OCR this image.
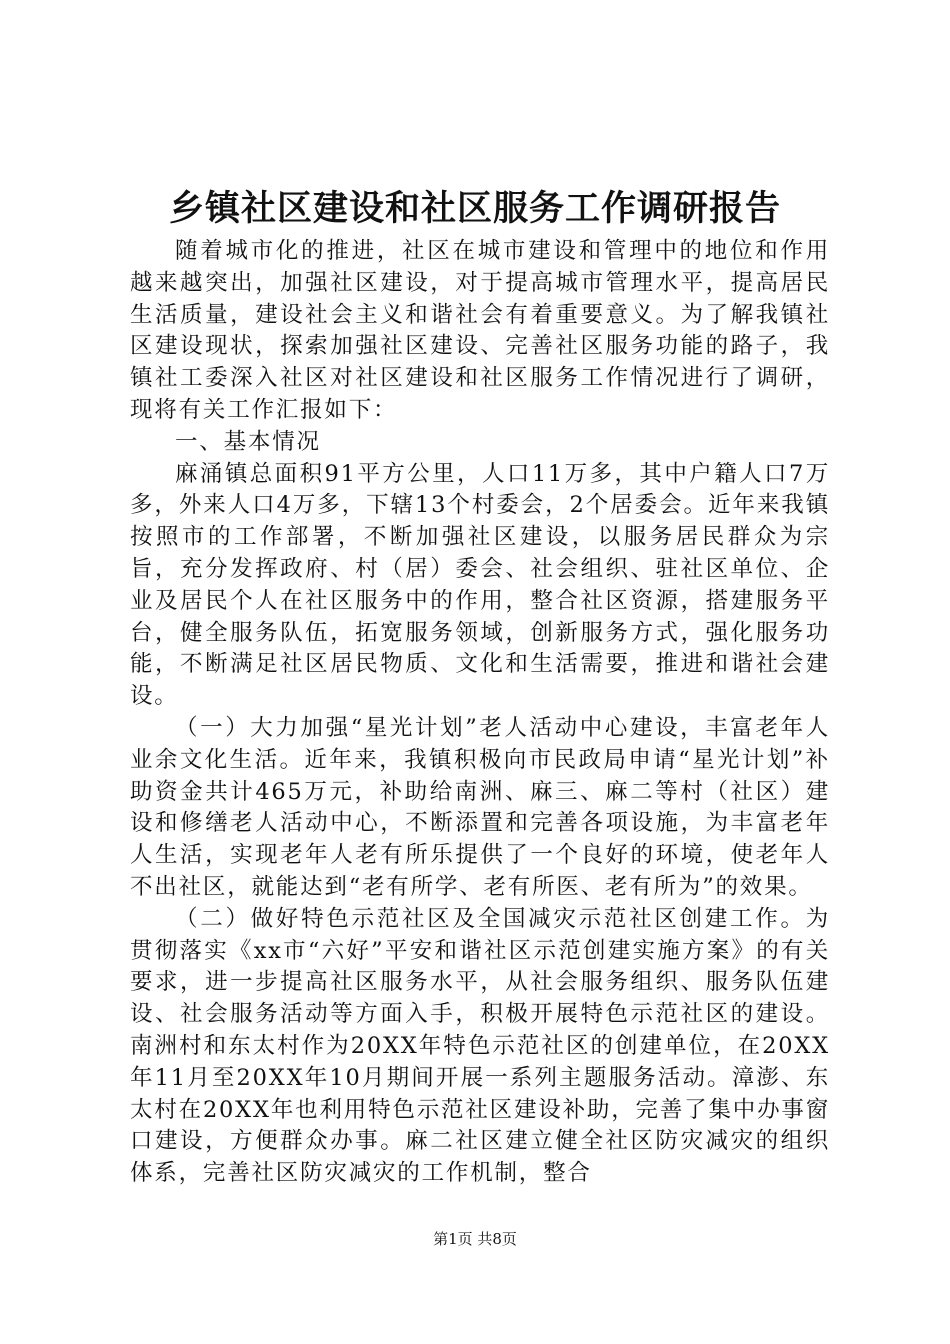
乡镇社区建设和社区服务工作调研报告

随着城市化的推进，社区在城市建设和管理中的地位和作用越来越突出，加强社区建设，对于提高城市管理水平，提高居民生活质量，建设社会主义和谐社会有着重要意义。为了解我镇社区建设现状，探索加强社区建设、完善社区服务功能的路子，我镇社工委深入社区对社区建设和社区服务工作情况进行了调研，现将有关工作汇报如下：

一、基本情况

麻涌镇总面积91平方公里，人口11万多，其中户籍人口7万多，外来人口4万多，下辖13个村委会，2个居委会。近年来我镇按照市的工作部署，不断加强社区建设，以服务居民群众为宗旨，充分发挥政府、村（居）委会、社会组织、驻社区单位、企业及居民个人在社区服务中的作用，整合社区资源，搭建服务平台，健全服务队伍，拓宽服务领域，创新服务方式，强化服务功能，不断满足社区居民物质、文化和生活需要，推进和谐社会建设。

（一）大力加强“星光计划”老人活动中心建设，丰富老年人业余文化生活。近年来，我镇积极向市民政局申请“星光计划”补助资金共计465万元，补助给南洲、麻三、麻二等村（社区）建设和修缮老人活动中心，不断添置和完善各项设施，为丰富老年人生活，实现老年人老有所乐提供了一个良好的环境，使老年人不出社区，就能达到“老有所学、老有所医、老有所为”的效果。

（二）做好特色示范社区及全国减灾示范社区创建工作。为贯彻落实《xx市“六好”平安和谐社区示范创建实施方案》的有关要求，进一步提高社区服务水平，从社会服务组织、服务队伍建设、社会服务活动等方面入手，积极开展特色示范社区的建设。南洲村和东太村作为20XX年特色示范社区的创建单位，在20XX年11月至20XX年10月期间开展一系列主题服务活动。漳澎、东太村在20XX年也利用特色示范社区建设补助，完善了集中办事窗口建设，方便群众办事。麻二社区建立健全社区防灾减灾的组织体系，完善社区防灾减灾的工作机制，整合

第1页 共8页
